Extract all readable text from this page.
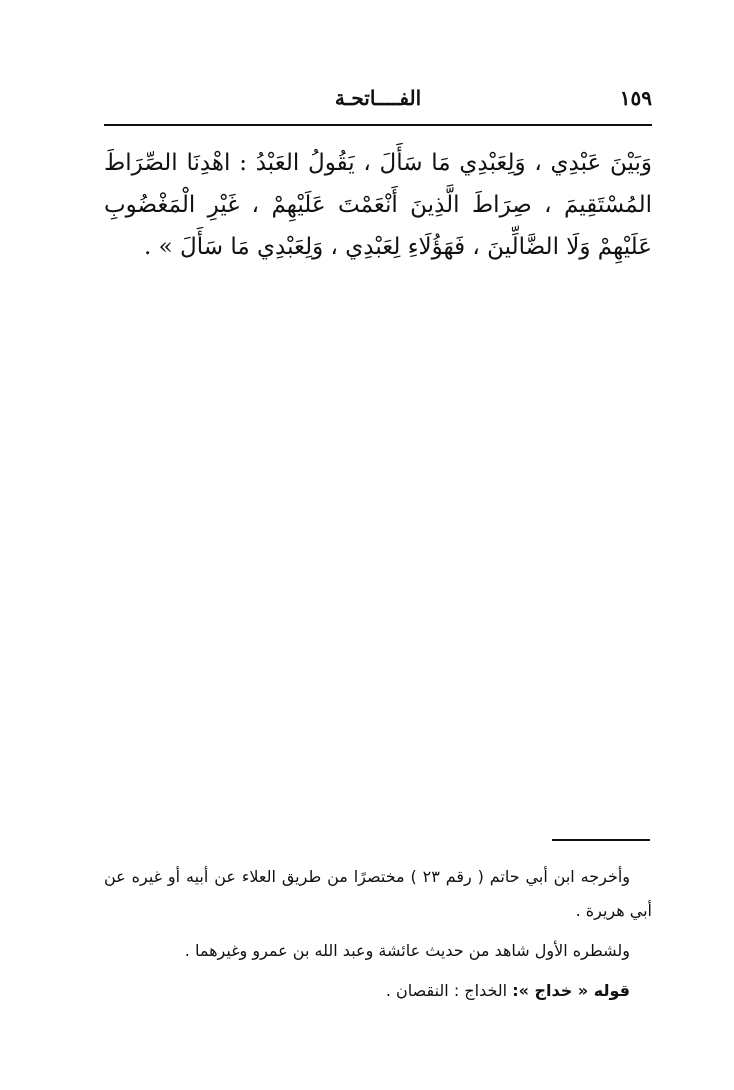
١٥٩
الفــــاتحـة
وَبَيْنَ عَبْدِي ، وَلِعَبْدِي مَا سَأَلَ ، يَقُولُ العَبْدُ : اهْدِنَا الصِّرَاطَ المُسْتَقِيمَ ، صِرَاطَ الَّذِينَ أَنْعَمْتَ عَلَيْهِمْ ، غَيْرِ الْمَغْضُوبِ عَلَيْهِمْ وَلَا الضَّالِّينَ ، فَهَؤُلَاءِ لِعَبْدِي ، وَلِعَبْدِي مَا سَأَلَ » .

وأخرجه ابن أبي حاتم ( رقم ٢٣ ) مختصرًا من طريق العلاء عن أبيه أو غيره عن أبي هريرة .

ولشطره الأول شاهد من حديث عائشة وعبد الله بن عمرو وغيرهما .

قوله « خداج »: الخداج : النقصان .
